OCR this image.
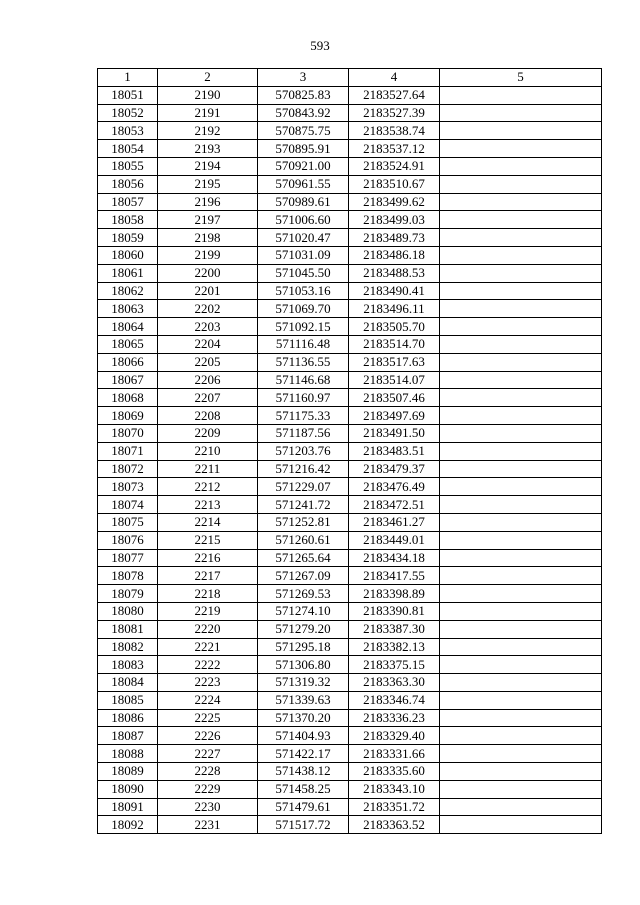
593
1	2	3	4	5
18051	2190	570825.83	2183527.64	
18052	2191	570843.92	2183527.39	
18053	2192	570875.75	2183538.74	
18054	2193	570895.91	2183537.12	
18055	2194	570921.00	2183524.91	
18056	2195	570961.55	2183510.67	
18057	2196	570989.61	2183499.62	
18058	2197	571006.60	2183499.03	
18059	2198	571020.47	2183489.73	
18060	2199	571031.09	2183486.18	
18061	2200	571045.50	2183488.53	
18062	2201	571053.16	2183490.41	
18063	2202	571069.70	2183496.11	
18064	2203	571092.15	2183505.70	
18065	2204	571116.48	2183514.70	
18066	2205	571136.55	2183517.63	
18067	2206	571146.68	2183514.07	
18068	2207	571160.97	2183507.46	
18069	2208	571175.33	2183497.69	
18070	2209	571187.56	2183491.50	
18071	2210	571203.76	2183483.51	
18072	2211	571216.42	2183479.37	
18073	2212	571229.07	2183476.49	
18074	2213	571241.72	2183472.51	
18075	2214	571252.81	2183461.27	
18076	2215	571260.61	2183449.01	
18077	2216	571265.64	2183434.18	
18078	2217	571267.09	2183417.55	
18079	2218	571269.53	2183398.89	
18080	2219	571274.10	2183390.81	
18081	2220	571279.20	2183387.30	
18082	2221	571295.18	2183382.13	
18083	2222	571306.80	2183375.15	
18084	2223	571319.32	2183363.30	
18085	2224	571339.63	2183346.74	
18086	2225	571370.20	2183336.23	
18087	2226	571404.93	2183329.40	
18088	2227	571422.17	2183331.66	
18089	2228	571438.12	2183335.60	
18090	2229	571458.25	2183343.10	
18091	2230	571479.61	2183351.72	
18092	2231	571517.72	2183363.52	
